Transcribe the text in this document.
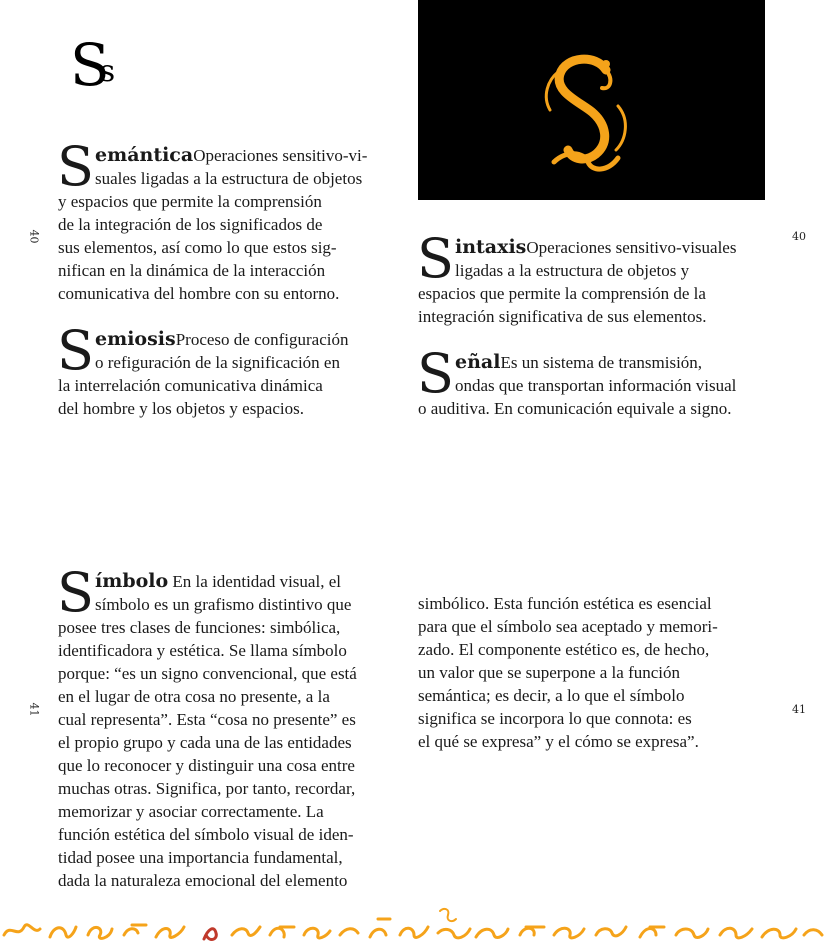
Ss
40	40
41	41
S emánticaOperaciones sensitivo-vi-
suales ligadas a la estructura de objetos
y espacios que permite la comprensión
de la integración de los significados de
sus elementos, así como lo que estos sig-
nifican en la dinámica de la interacción
comunicativa del hombre con su entorno.
S emiosisProceso de configuración
o refiguración de la significación en
la interrelación comunicativa dinámica
del hombre y los objetos y espacios.
S intaxisOperaciones sensitivo-visuales
ligadas a la estructura de objetos y
espacios que permite la comprensión de la
integración significativa de sus elementos.
S eñalEs un sistema de transmisión,
ondas que transportan información visual
o auditiva. En comunicación equivale a signo.
S ímbolo En la identidad visual, el
símbolo es un grafismo distintivo que
posee tres clases de funciones: simbólica,
identificadora y estética. Se llama símbolo
porque: “es un signo convencional, que está
en el lugar de otra cosa no presente, a la
cual representa”. Esta “cosa no presente” es
el propio grupo y cada una de las entidades
que lo reconocer y distinguir una cosa entre
muchas otras. Significa, por tanto, recordar,
memorizar y asociar correctamente. La
función estética del símbolo visual de iden-
tidad posee una importancia fundamental,
dada la naturaleza emocional del elemento
simbólico. Esta función estética es esencial
para que el símbolo sea aceptado y memori-
zado. El componente estético es, de hecho,
un valor que se superpone a la función
semántica; es decir, a lo que el símbolo
significa se incorpora lo que connota: es
el qué se expresa” y el cómo se expresa”.
